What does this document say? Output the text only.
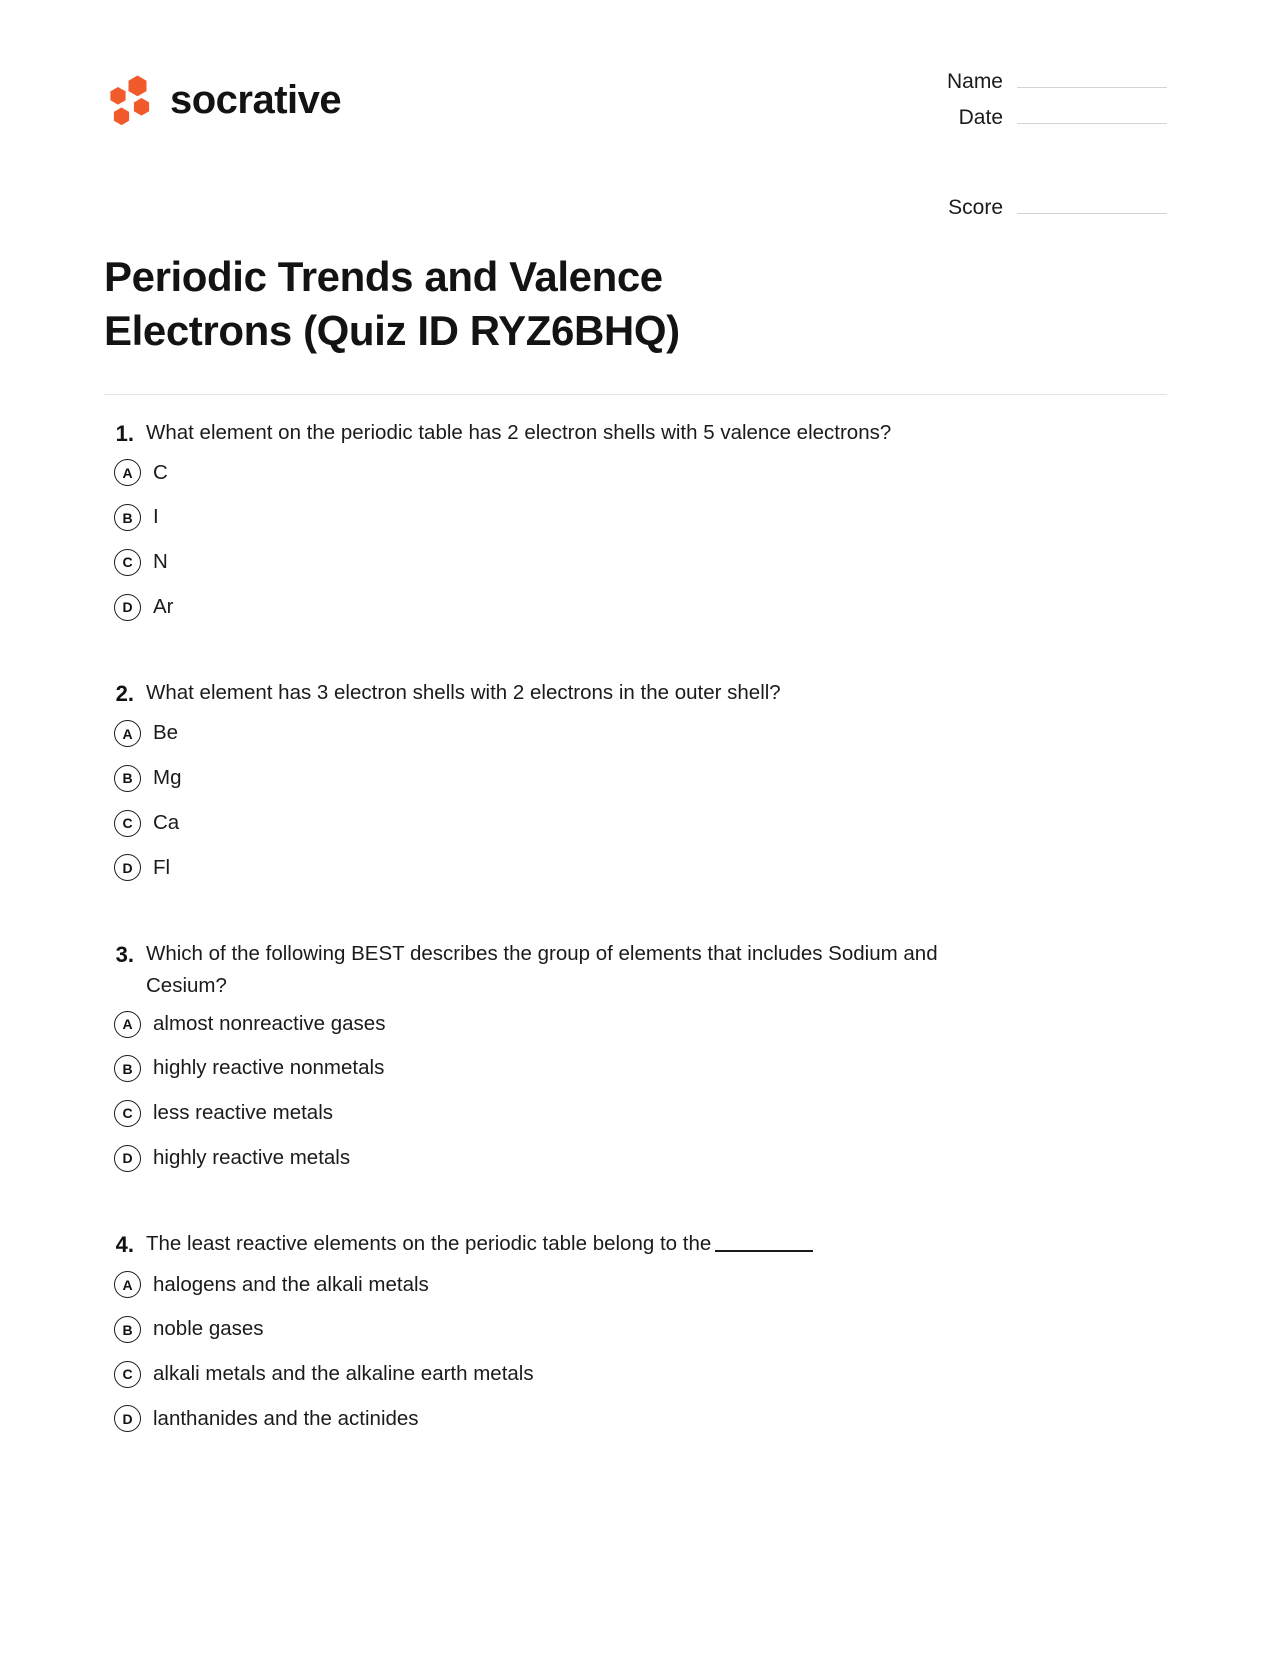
socrative	Name
Date
Score
Periodic Trends and Valence Electrons (Quiz ID RYZ6BHQ)
1. What element on the periodic table has 2 electron shells with 5 valence electrons?
A C
B I
C N
D Ar
2. What element has 3 electron shells with 2 electrons in the outer shell?
A Be
B Mg
C Ca
D Fl
3. Which of the following BEST describes the group of elements that includes Sodium and Cesium?
A almost nonreactive gases
B highly reactive nonmetals
C less reactive metals
D highly reactive metals
4. The least reactive elements on the periodic table belong to the
A halogens and the alkali metals
B noble gases
C alkali metals and the alkaline earth metals
D lanthanides and the actinides
